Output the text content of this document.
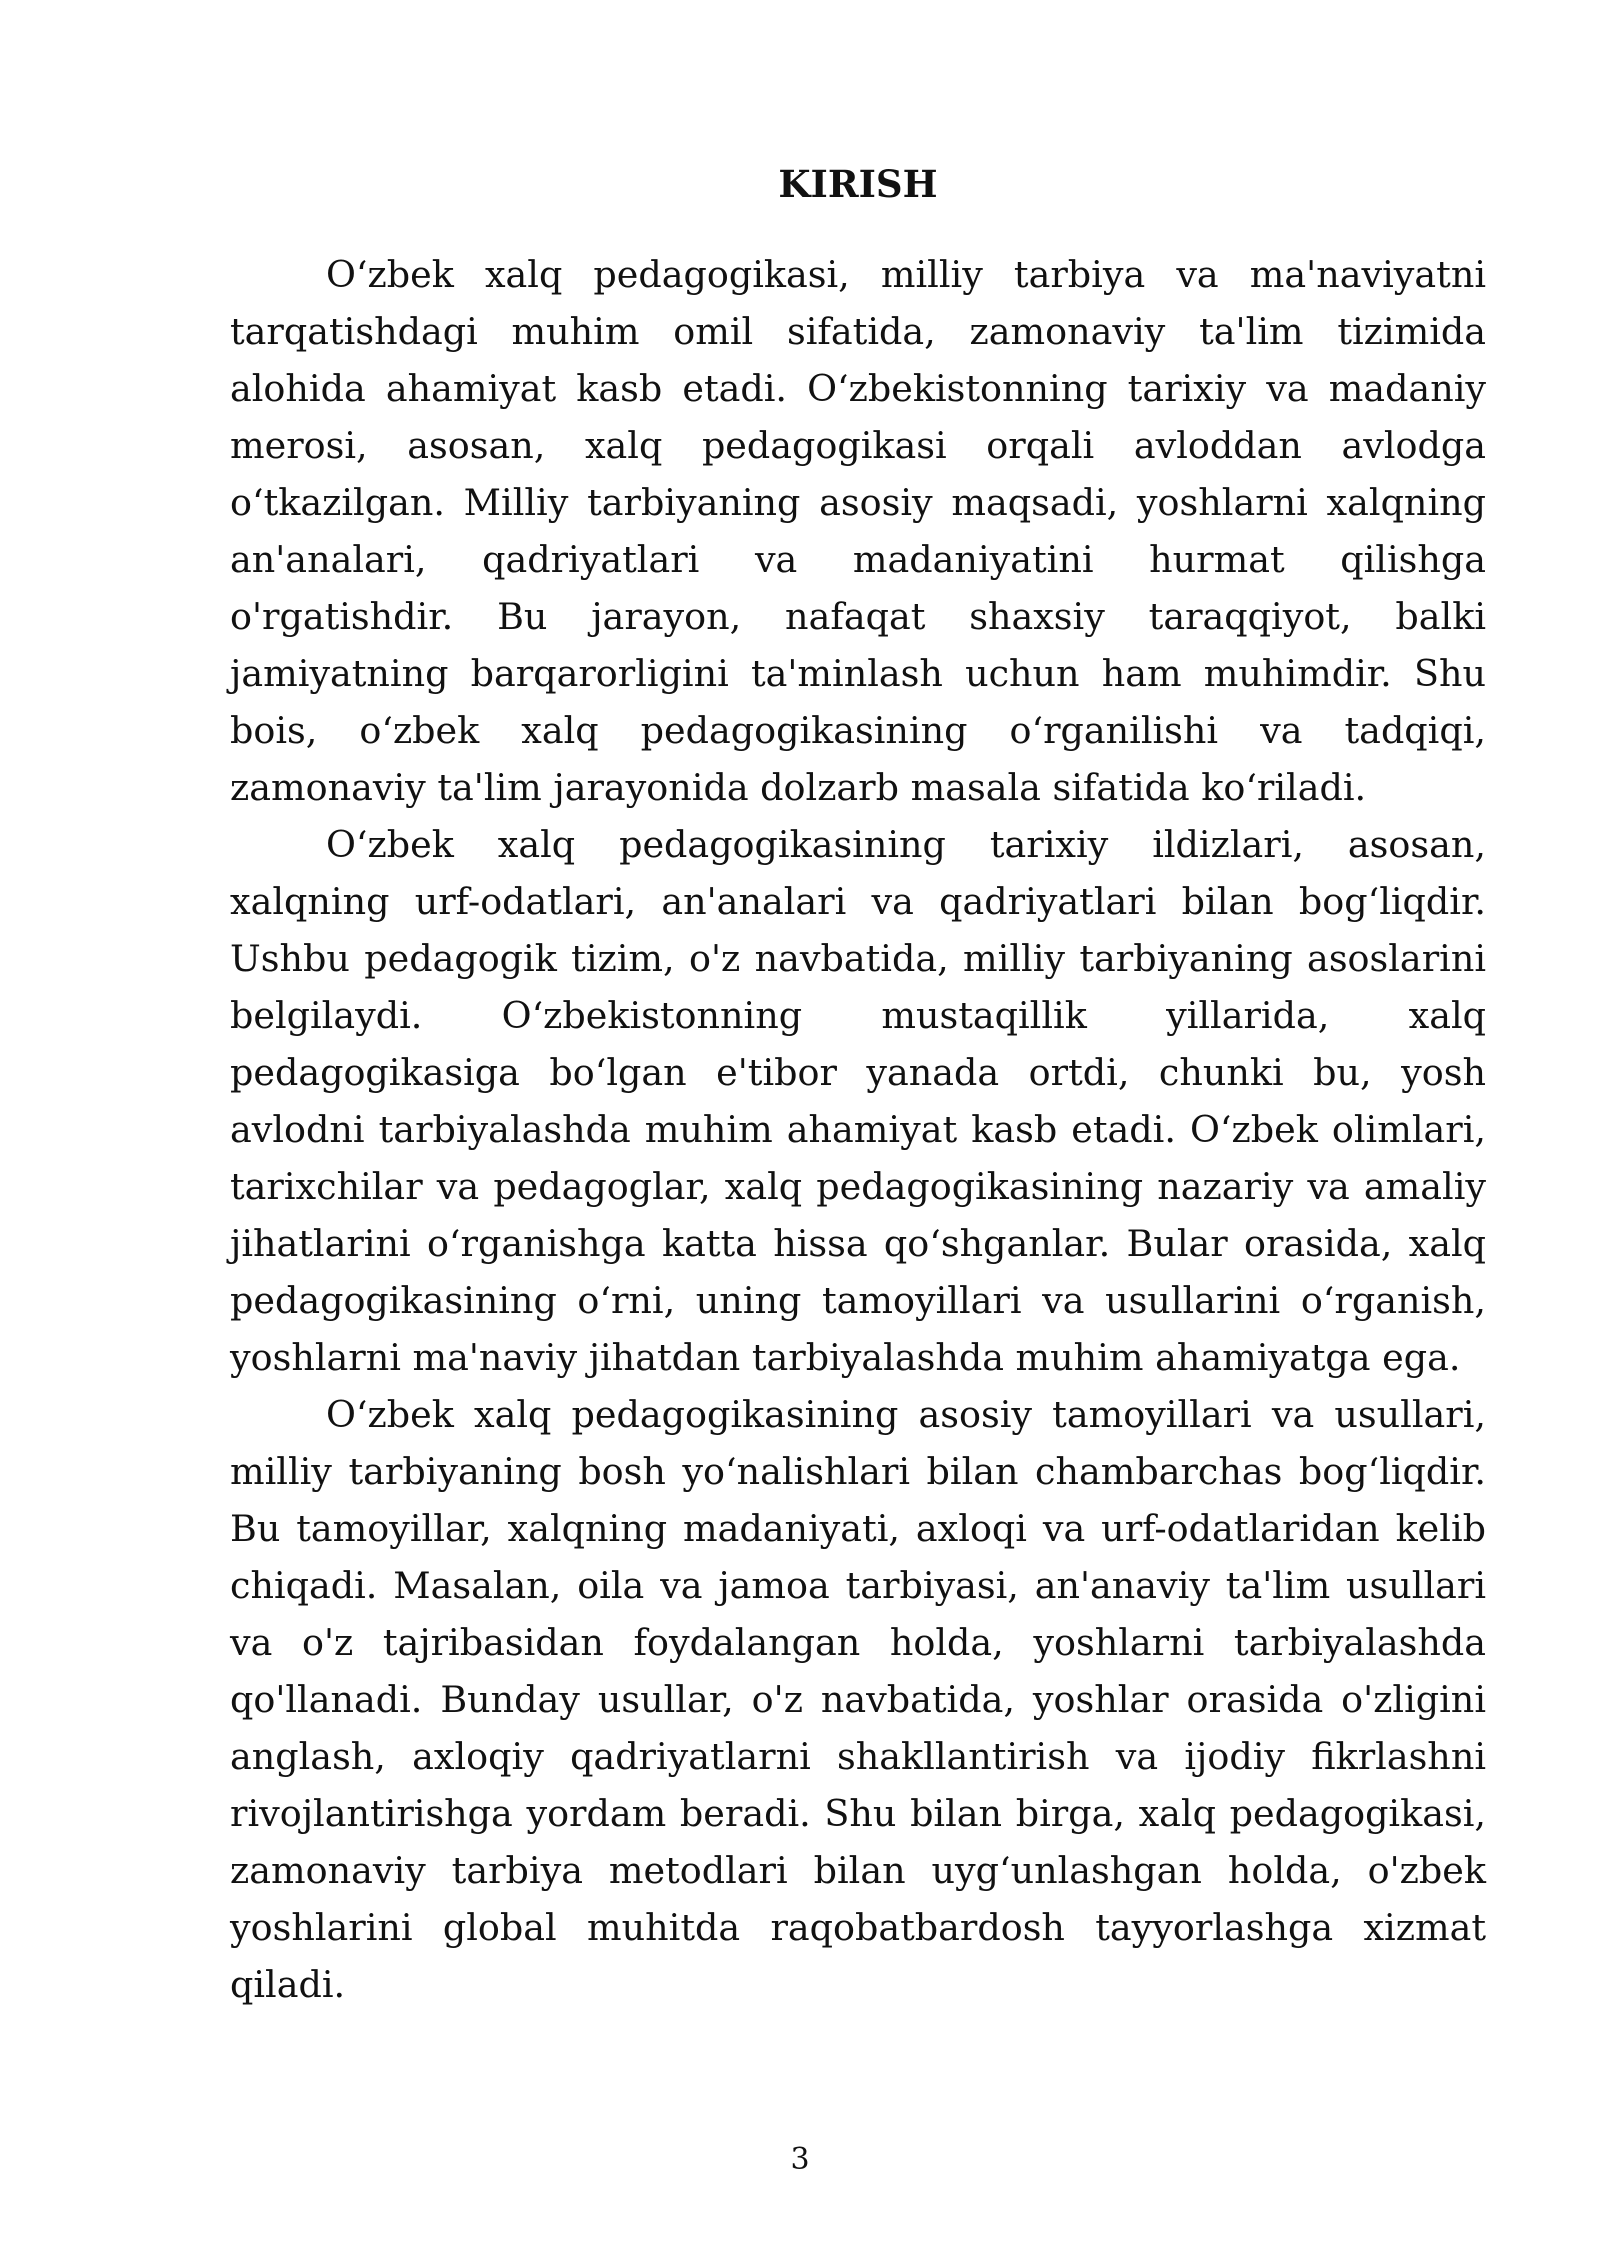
KIRISH

O‘zbek xalq pedagogikasi, milliy tarbiya va ma'naviyatni tarqatishdagi muhim omil sifatida, zamonaviy ta'lim tizimida alohida ahamiyat kasb etadi. O‘zbekistonning tarixiy va madaniy merosi, asosan, xalq pedagogikasi orqali avloddan avlodga o‘tkazilgan. Milliy tarbiyaning asosiy maqsadi, yoshlarni xalqning an'analari, qadriyatlari va madaniyatini hurmat qilishga o'rgatishdir. Bu jarayon, nafaqat shaxsiy taraqqiyot, balki jamiyatning barqarorligini ta'minlash uchun ham muhimdir. Shu bois, o‘zbek xalq pedagogikasining o‘rganilishi va tadqiqi, zamonaviy ta'lim jarayonida dolzarb masala sifatida ko‘riladi.

O‘zbek xalq pedagogikasining tarixiy ildizlari, asosan, xalqning urf-odatlari, an'analari va qadriyatlari bilan bog‘liqdir. Ushbu pedagogik tizim, o'z navbatida, milliy tarbiyaning asoslarini belgilaydi. O‘zbekistonning mustaqillik yillarida, xalq pedagogikasiga bo‘lgan e'tibor yanada ortdi, chunki bu, yosh avlodni tarbiyalashda muhim ahamiyat kasb etadi. O‘zbek olimlari, tarixchilar va pedagoglar, xalq pedagogikasining nazariy va amaliy jihatlarini o‘rganishga katta hissa qo‘shganlar. Bular orasida, xalq pedagogikasining o‘rni, uning tamoyillari va usullarini o‘rganish, yoshlarni ma'naviy jihatdan tarbiyalashda muhim ahamiyatga ega.

O‘zbek xalq pedagogikasining asosiy tamoyillari va usullari, milliy tarbiyaning bosh yo‘nalishlari bilan chambarchas bog‘liqdir. Bu tamoyillar, xalqning madaniyati, axloqi va urf-odatlaridan kelib chiqadi. Masalan, oila va jamoa tarbiyasi, an'anaviy ta'lim usullari va o'z tajribasidan foydalangan holda, yoshlarni tarbiyalashda qo'llanadi. Bunday usullar, o'z navbatida, yoshlar orasida o'zligini anglash, axloqiy qadriyatlarni shakllantirish va ijodiy fikrlashni rivojlantirishga yordam beradi. Shu bilan birga, xalq pedagogikasi, zamonaviy tarbiya metodlari bilan uyg‘unlashgan holda, o'zbek yoshlarini global muhitda raqobatbardosh tayyorlashga xizmat qiladi.

3
